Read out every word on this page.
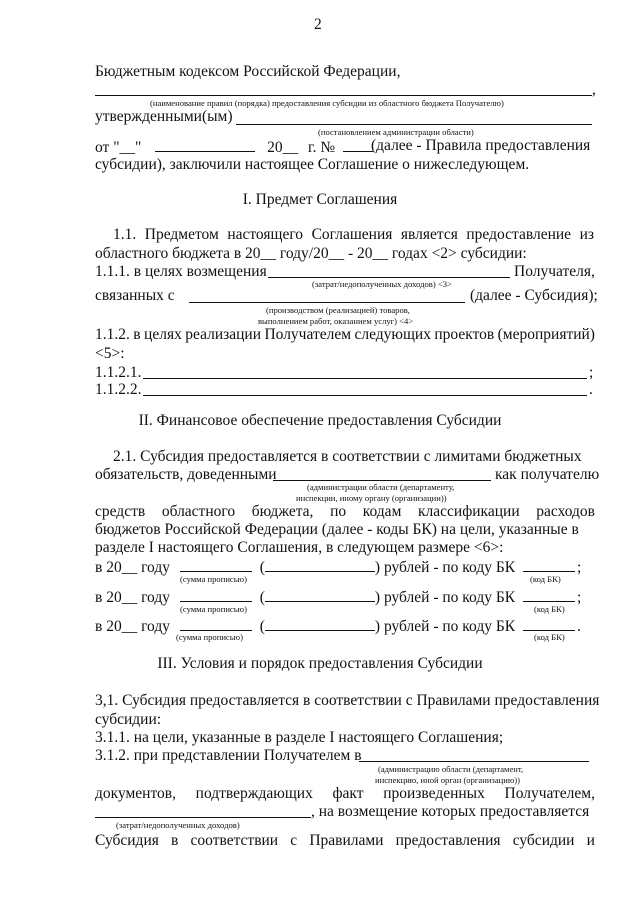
2
Бюджетным кодексом Российской Федерации,
,
(наименование правил (порядка) предоставления субсидии из областного бюджета Получателю)
утвержденными(ым)
(постановлением администрации области)
от "__"	20__ г. №	(далее - Правила предоставления
субсидии), заключили настоящее Соглашение о нижеследующем.
I. Предмет Соглашения
1.1. Предметом настоящего Соглашения является предоставление из
областного бюджета в 20__ году/20__ - 20__ годах <2> субсидии:
1.1.1. в целях возмещения	Получателя,
(затрат/недополученных доходов) <3>
связанных с	(далее - Субсидия);
(производством (реализацией) товаров,
выполнением работ, оказанием услуг) <4>
1.1.2. в целях реализации Получателем следующих проектов (мероприятий)
<5>:
1.1.2.1.	;
1.1.2.2.	.
II. Финансовое обеспечение предоставления Субсидии
2.1. Субсидия предоставляется в соответствии с лимитами бюджетных
обязательств, доведенными	как получателю
(администрации области (департаменту,
инспекции, иному органу (организации))
средств областного бюджета, по кодам классификации расходов
бюджетов Российской Федерации (далее - коды БК) на цели, указанные в
разделе I настоящего Соглашения, в следующем размере <6>:
в 20__ году	(	) рублей - по коду БК	;
(сумма прописью)	(код БК)
в 20__ году	(	) рублей - по коду БК	;
(сумма прописью)	(код БК)
в 20__ году	(	) рублей - по коду БК	.
(сумма прописью)	(код БК)
III. Условия и порядок предоставления Субсидии
3,1. Субсидия предоставляется в соответствии с Правилами предоставления
субсидии:
3.1.1. на цели, указанные в разделе I настоящего Соглашения;
3.1.2. при представлении Получателем в
(администрацию области (департамент,
инспекцию, иной орган (организацию))
документов, подтверждающих факт произведенных Получателем,
, на возмещение которых предоставляется
(затрат/недополученных доходов)
Субсидия в соответствии с Правилами предоставления субсидии и
